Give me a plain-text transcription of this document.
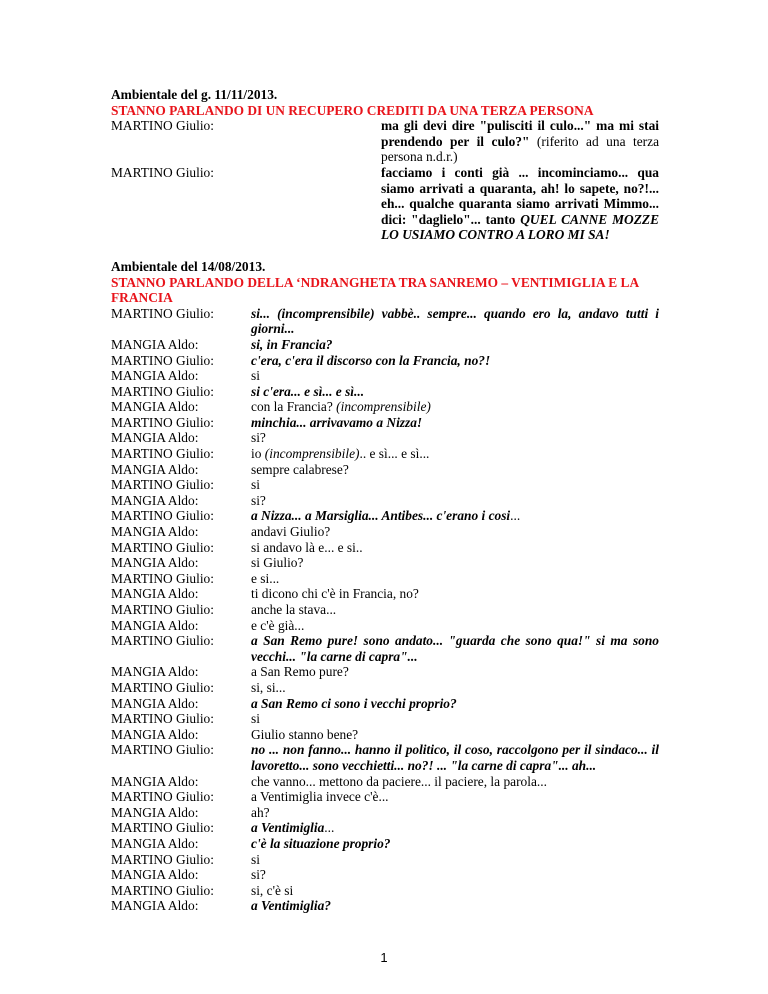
Ambientale del g. 11/11/2013.
STANNO PARLANDO DI UN RECUPERO CREDITI DA UNA TERZA PERSONA
MARTINO Giulio:	ma gli devi dire "pulisciti il culo..." ma mi stai prendendo per il culo?" (riferito ad una terza persona n.d.r.)
MARTINO Giulio:	facciamo i conti già ... incominciamo... qua siamo arrivati a quaranta, ah! lo sapete, no?!... eh... qualche quaranta siamo arrivati Mimmo... dici: "daglielo"... tanto QUEL CANNE MOZZE LO USIAMO CONTRO A LORO MI SA!
Ambientale del 14/08/2013.
STANNO PARLANDO DELLA ‘NDRANGHETA TRA SANREMO – VENTIMIGLIA E LA FRANCIA
MARTINO Giulio:	si... (incomprensibile) vabbè.. sempre... quando ero la, andavo tutti i giorni...
MANGIA Aldo:	si, in Francia?
MARTINO Giulio:	c'era, c'era il discorso con la Francia, no?!
MANGIA Aldo:	si
MARTINO Giulio:	si c'era... e sì... e sì...
MANGIA Aldo:	con la Francia? (incomprensibile)
MARTINO Giulio:	minchia... arrivavamo a Nizza!
MANGIA Aldo:	si?
MARTINO Giulio:	io (incomprensibile).. e sì... e sì...
MANGIA Aldo:	sempre calabrese?
MARTINO Giulio:	si
MANGIA Aldo:	si?
MARTINO Giulio:	a Nizza... a Marsiglia... Antibes... c'erano i cosi...
MANGIA Aldo:	andavi Giulio?
MARTINO Giulio:	si andavo là e... e si..
MANGIA Aldo:	si Giulio?
MARTINO Giulio:	e si...
MANGIA Aldo:	ti dicono chi c'è in Francia, no?
MARTINO Giulio:	anche la stava...
MANGIA Aldo:	e c'è già...
MARTINO Giulio:	a San Remo pure! sono andato... "guarda che sono qua!" si ma sono vecchi... "la carne di capra"...
MANGIA Aldo:	a San Remo pure?
MARTINO Giulio:	si, si...
MANGIA Aldo:	a San Remo ci sono i vecchi proprio?
MARTINO Giulio:	si
MANGIA Aldo:	Giulio stanno bene?
MARTINO Giulio:	no ... non fanno... hanno il politico, il coso, raccolgono per il sindaco... il lavoretto... sono vecchietti... no?! ... "la carne di capra"... ah...
MANGIA Aldo:	che vanno... mettono da paciere... il paciere, la parola...
MARTINO Giulio:	a Ventimiglia invece c'è...
MANGIA Aldo:	ah?
MARTINO Giulio:	a Ventimiglia...
MANGIA Aldo:	c'è la situazione proprio?
MARTINO Giulio:	si
MANGIA Aldo:	si?
MARTINO Giulio:	si, c'è si
MANGIA Aldo:	a Ventimiglia?
1
